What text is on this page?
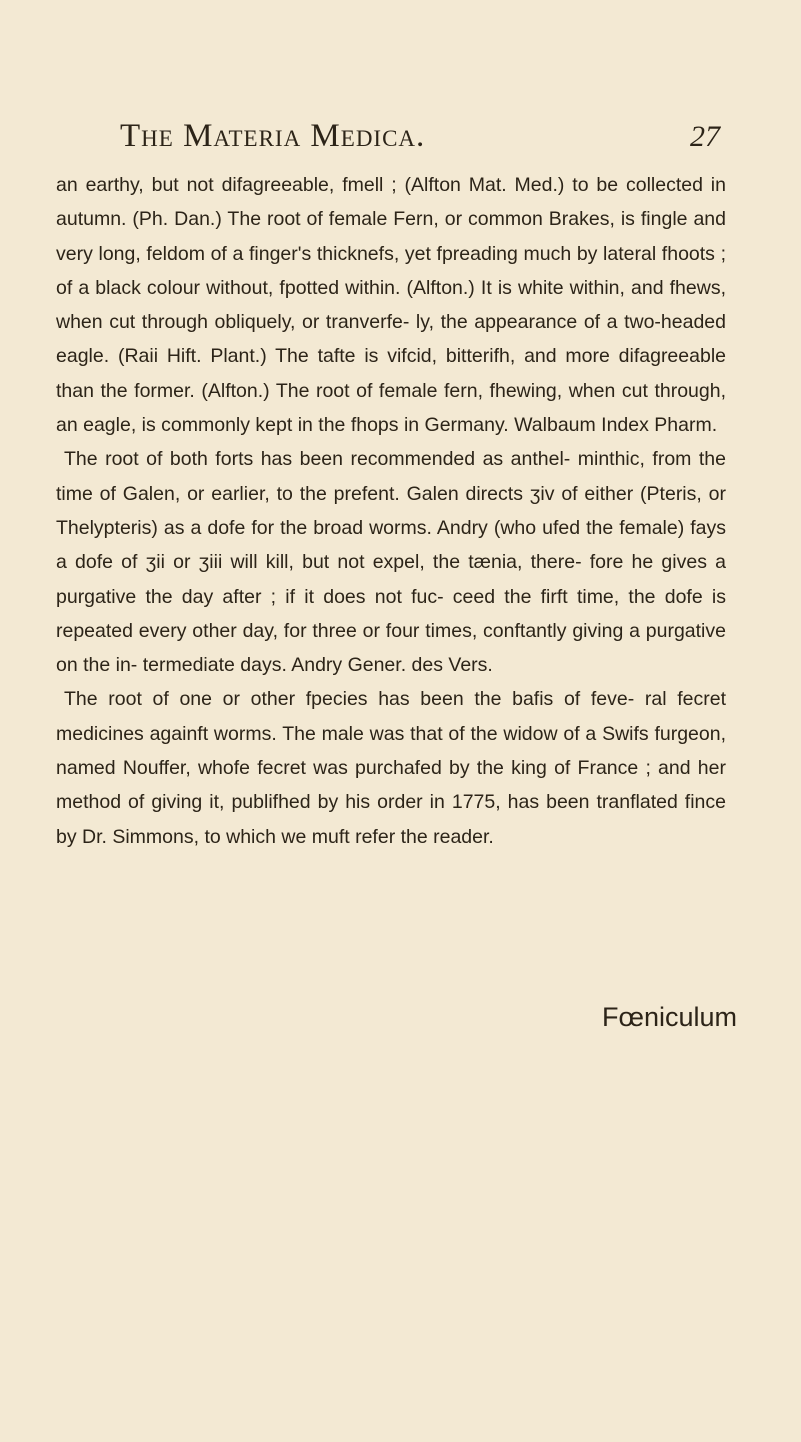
The Materia Medica.	27

an earthy, but not difagreeable, fmell ; (Alfton Mat. Med.) to be collected in autumn. (Ph. Dan.) The root of female Fern, or common Brakes, is fingle and very long, feldom of a finger's thicknefs, yet fpreading much by lateral fhoots ; of a black colour without, fpotted within. (Alfton.) It is white within, and fhews, when cut through obliquely, or tranverfe- ly, the appearance of a two-headed eagle. (Raii Hift. Plant.) The tafte is vifcid, bitterifh, and more difagreeable than the former. (Alfton.) The root of female fern, fhewing, when cut through, an eagle, is commonly kept in the fhops in Germany. Walbaum Index Pharm.

The root of both forts has been recommended as anthel- minthic, from the time of Galen, or earlier, to the prefent. Galen directs ʒiv of either (Pteris, or Thelypteris) as a dofe for the broad worms. Andry (who ufed the female) fays a dofe of ʒii or ʒiii will kill, but not expel, the tænia, there- fore he gives a purgative the day after ; if it does not fuc- ceed the firft time, the dofe is repeated every other day, for three or four times, conftantly giving a purgative on the in- termediate days. Andry Gener. des Vers.

The root of one or other fpecies has been the bafis of feve- ral fecret medicines againft worms. The male was that of the widow of a Swifs furgeon, named Nouffer, whofe fecret was purchafed by the king of France ; and her method of giving it, publifhed by his order in 1775, has been tranflated fince by Dr. Simmons, to which we muft refer the reader.

Fœniculum
